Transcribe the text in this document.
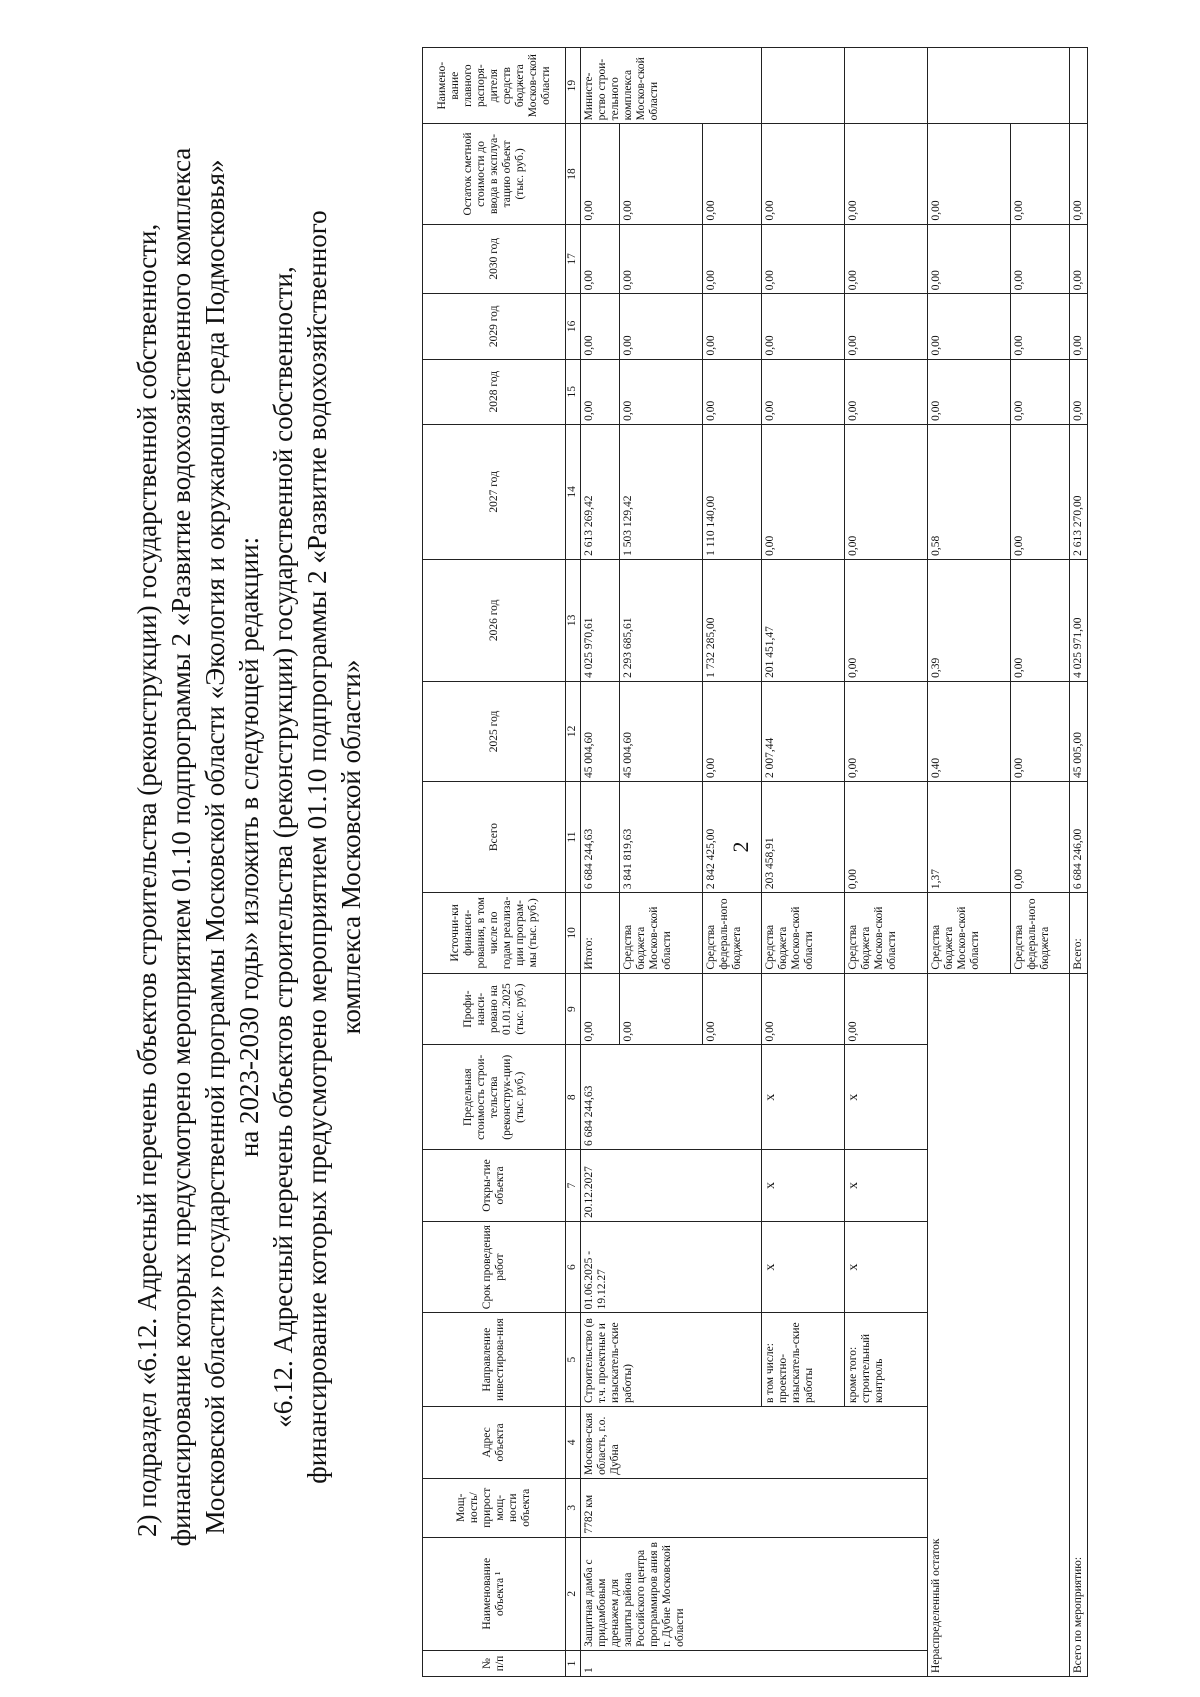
2

2) подраздел «6.12. Адресный перечень объектов строительства (реконструкции) государственной собственности, финансирование которых предусмотрено мероприятием 01.10 подпрограммы 2 «Развитие водохозяйственного комплекса Московской области» государственной программы Московской области «Экология и окружающая среда Подмосковья» на 2023-2030 годы» изложить в следующей редакции: «6.12. Адресный перечень объектов строительства (реконструкции) государственной собственности, финансирование которых предусмотрено мероприятием 01.10 подпрограммы 2 «Развитие водохозяйственного комплекса Московской области»

№ п/п	Наименование объекта ¹	Мощ-ность/ прирост мощ-ности объекта	Адрес объекта	Направление инвестирова-ния	Срок проведения работ	Откры-тие объекта	Предельная стоимость строи-тельства (реконструк-ции) (тыс. руб.)	Профи-нанси-ровано на 01.01.2025 (тыс. руб.)	Источни-ки финанси-рования, в том числе по годам реализа-ции програм-мы (тыс. руб.)	Всего	2025 год	2026 год	2027 год	2028 год	2029 год	2030 год	Остаток сметной стоимости до ввода в эксплуа-тацию объект (тыс. руб.)	Наимено-вание главного распоря-дителя средств бюджета Москов-ской области
1	2	3	4	5	6	7	8	9	10	11	12	13	14	15	16	17	18	19
1	Защитная дамба с придамбовым дренажем для защиты района Российского центра программиров ания в г. Дубне Московской области	7782 км	Москов-ская область, г.о. Дубна	Строительство (в т.ч. проектные и изыскатель-ские работы)	01.06.2025 - 19.12.27	20.12.2027	6 684 244,63	0,00	Итого:	6 684 244,63	45 004,60	4 025 970,61	2 613 269,42	0,00	0,00	0,00	0,00	Министе-рство строи-тельного комплекса Москов-ской области
								0,00	Средства бюджета Москов-ской области	3 841 819,63	45 004,60	2 293 685,61	1 503 129,42	0,00	0,00	0,00	0,00	
								0,00	Средства федераль-ного бюджета	2 842 425,00	0,00	1 732 285,00	1 110 140,00	0,00	0,00	0,00	0,00	
				в том числе: проектно-изыскатель-ские работы	x	x	x	0,00	Средства бюджета Москов-ской области	203 458,91	2 007,44	201 451,47	0,00	0,00	0,00	0,00	0,00	
				кроме того: строительный контроль	x	x	x	0,00	Средства бюджета Москов-ской области	0,00	0,00	0,00	0,00	0,00	0,00	0,00	0,00	
Нераспределенный остаток									Средства бюджета Москов-ской области	1,37	0,40	0,39	0,58	0,00	0,00	0,00	0,00	
									Средства федераль-ного бюджета	0,00	0,00	0,00	0,00	0,00	0,00	0,00	0,00	
Всего по мероприятию:									Всего:	6 684 246,00	45 005,00	4 025 971,00	2 613 270,00	0,00	0,00	0,00	0,00	
